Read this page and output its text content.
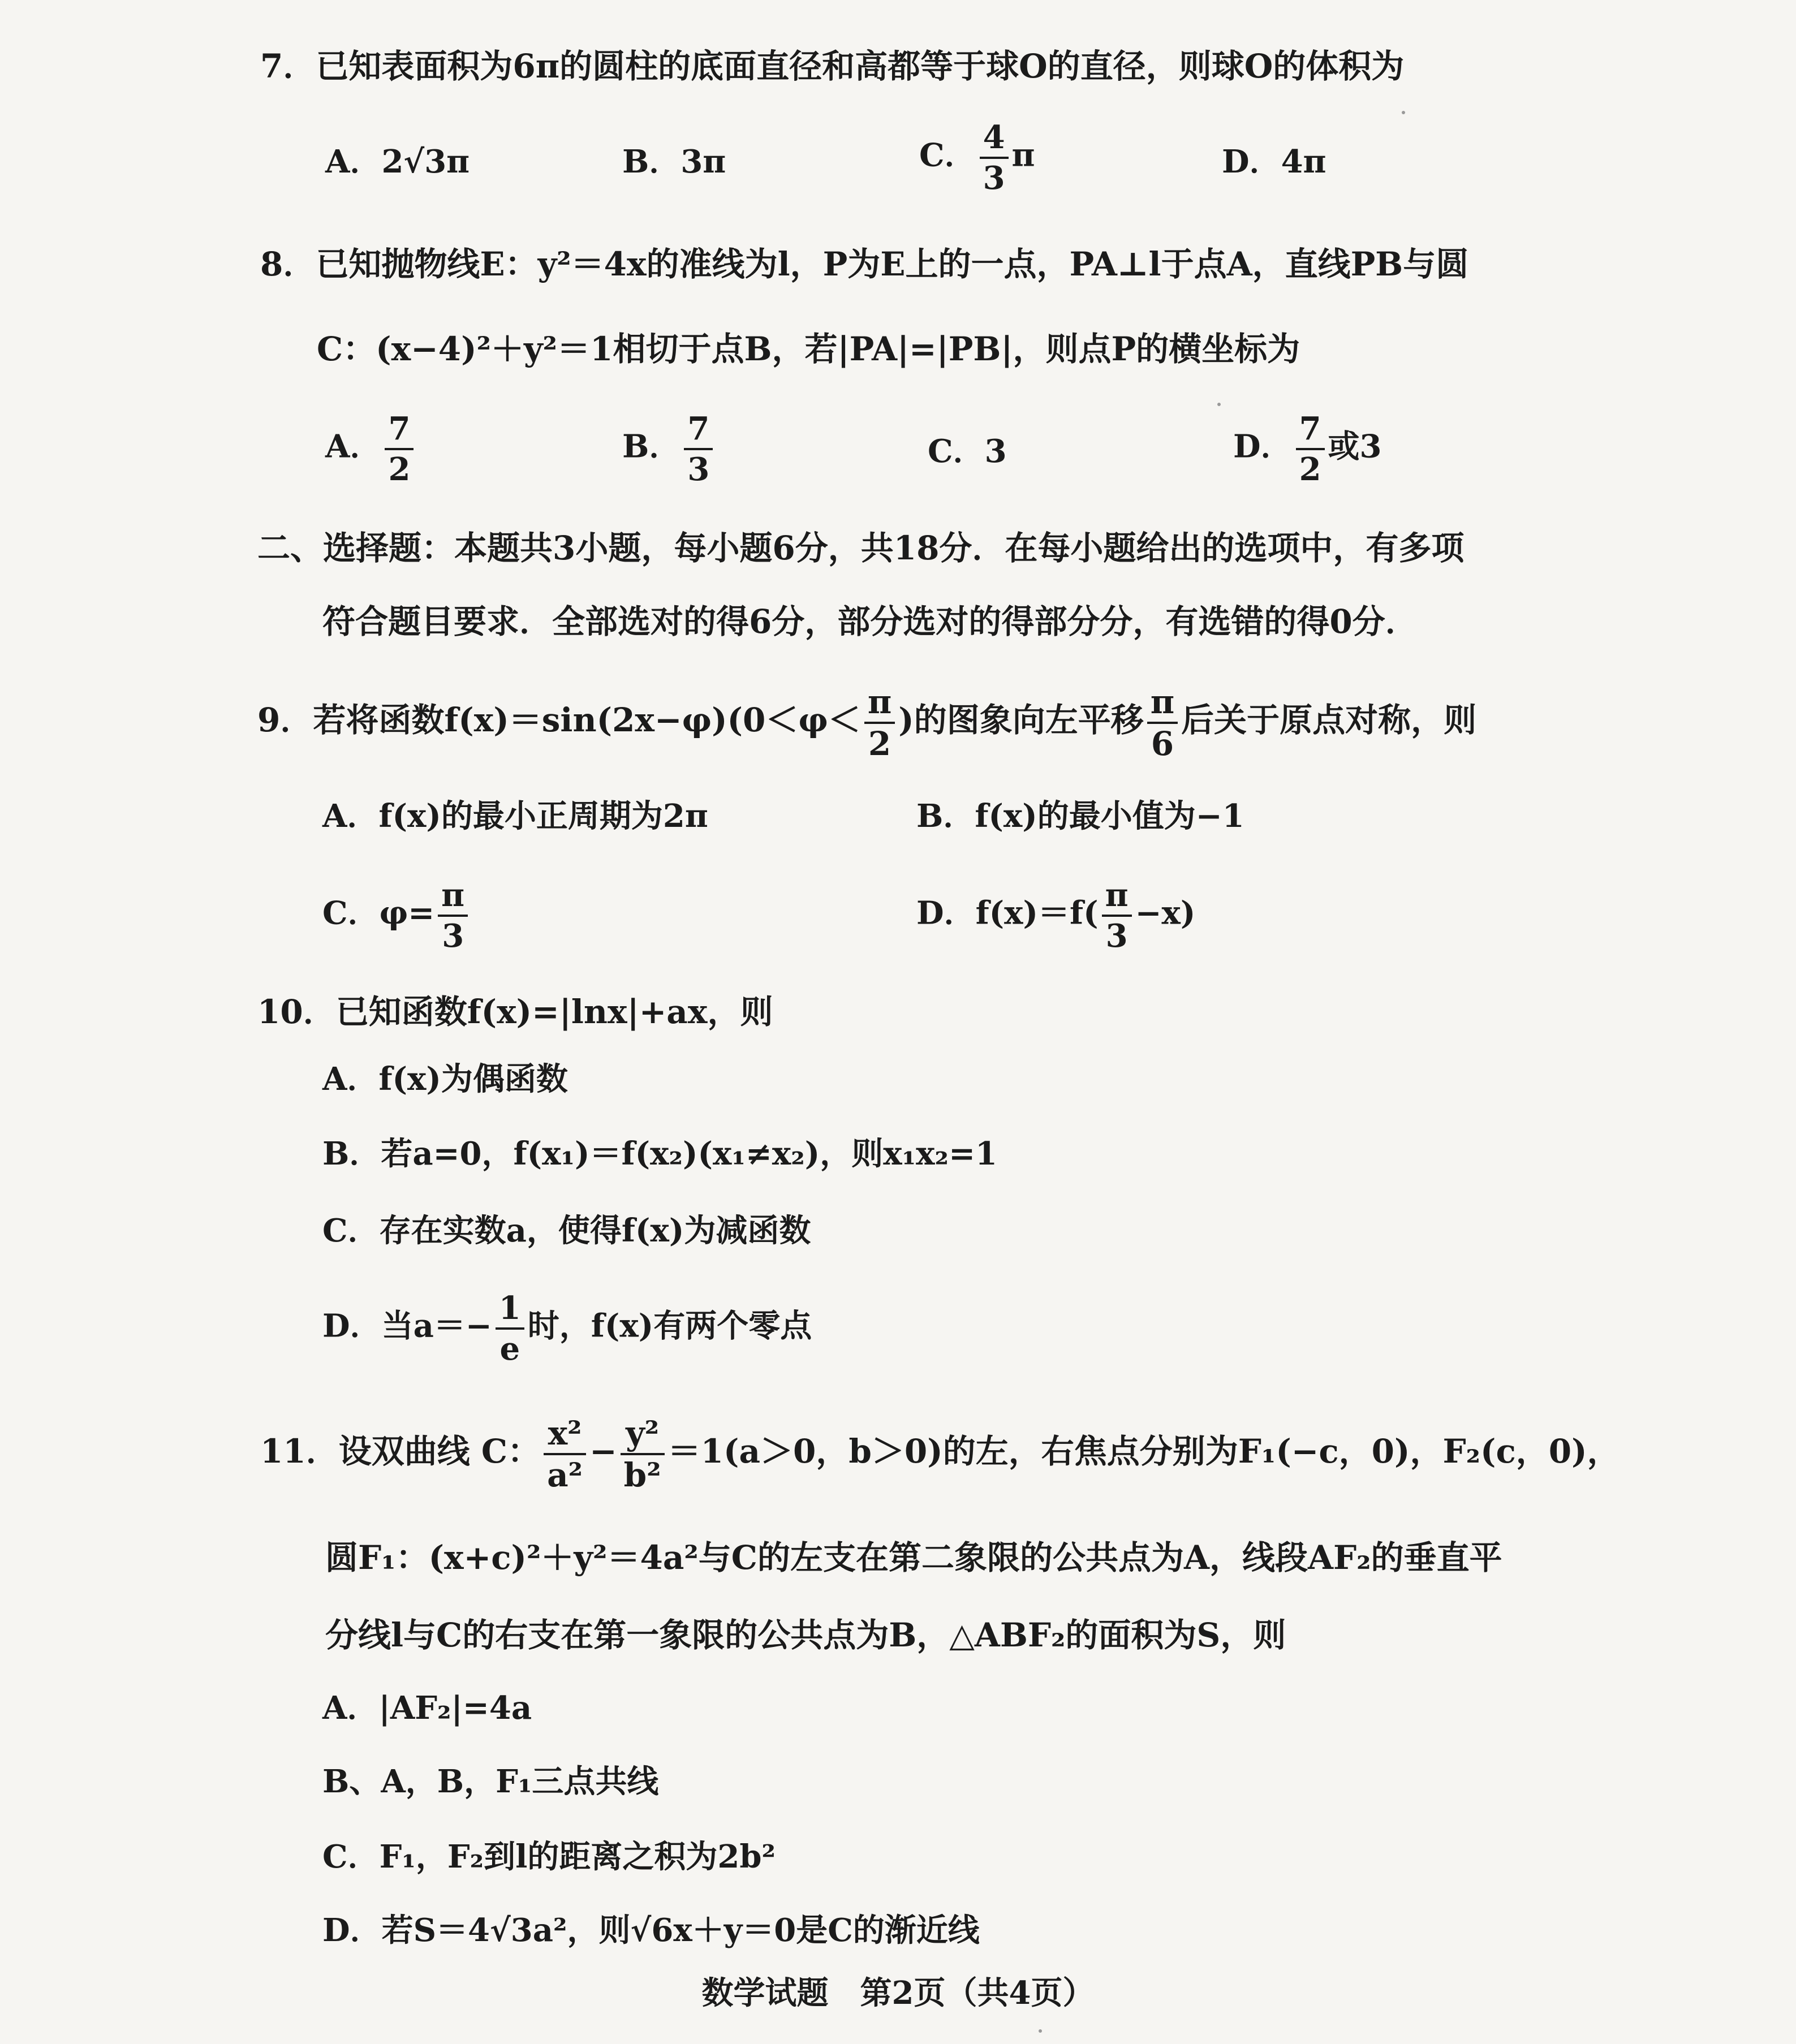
7．已知表面积为6π的圆柱的底面直径和高都等于球O的直径，则球O的体积为
A．2√3π	B．3π	C． $\frac{4}{3}$ π	D．4π
8．已知抛物线E：y²＝4x的准线为l，P为E上的一点，PA⊥l于点A，直线PB与圆
C：(x−4)²＋y²＝1相切于点B，若|PA|=|PB|，则点P的横坐标为
A． $\frac{7}{2}$	B． $\frac{7}{3}$	C．3	D． $\frac{7}{2}$ 或3
二、选择题：本题共3小题，每小题6分，共18分．在每小题给出的选项中，有多项
符合题目要求．全部选对的得6分，部分选对的得部分分，有选错的得0分．
9．若将函数$f(x)=\sin(2x-\varphi)(0<\varphi< \frac{\pi}{2}$ )的图象向左平移 $\frac{\pi}{6}$ 后关于原点对称，则
A．f(x)的最小正周期为2π	B．f(x)的最小值为−1
C．$\varphi= \frac{\pi}{3}$	D．$f(x)=f( \frac{\pi}{3} -x)$
10．已知函数f(x)=|lnx|+ax，则
A．f(x)为偶函数
B．若a=0，f(x₁)＝f(x₂)(x₁≠x₂)，则x₁x₂=1
C．存在实数a，使得f(x)为减函数
D．当$a=- \frac{1}{e}$ 时，f(x)有两个零点
11．设双曲线 C： $\frac{\text{x²}}{\text{a²}} - \frac{\text{y²}}{\text{b²}} =1(a>0$，b＞0)的左，右焦点分别为F₁(−c，0)，F₂(c，0)，
圆F₁：(x+c)²＋y²＝4a²与C的左支在第二象限的公共点为A，线段AF₂的垂直平
分线l与C的右支在第一象限的公共点为B，△ABF₂的面积为S，则
A．|AF₂|=4a
B、A，B，F₁三点共线
C．F₁，F₂到l的距离之积为2b²
D．若S＝4√3a²，则√6x＋y＝0是C的渐近线
数学试题　第2页（共4页）
